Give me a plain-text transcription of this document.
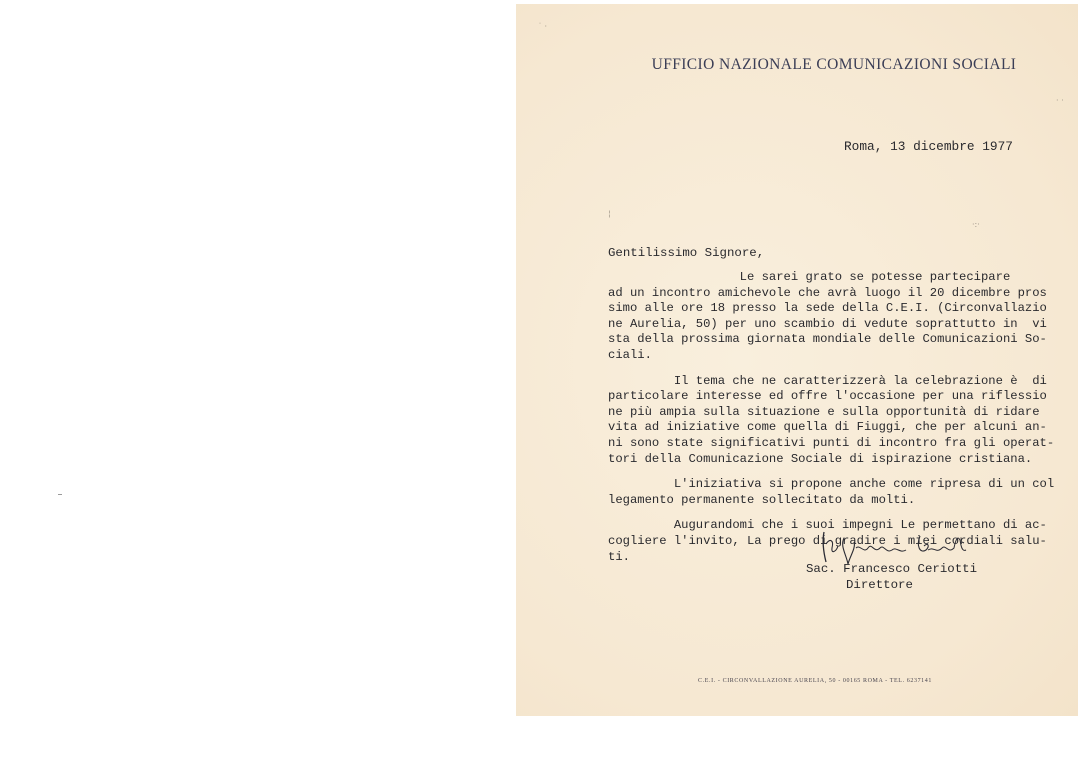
UFFICIO NAZIONALE COMUNICAZIONI SOCIALI
Roma, 13 dicembre 1977
Gentilissimo Signore,
Le sarei grato se potesse partecipare
ad un incontro amichevole che avrà luogo il 20 dicembre pros
simo alle ore 18 presso la sede della C.E.I. (Circonvallazio
ne Aurelia, 50) per uno scambio di vedute soprattutto in  vi
sta della prossima giornata mondiale delle Comunicazioni So-
ciali.
Il tema che ne caratterizzerà la celebrazione è  di
particolare interesse ed offre l'occasione per una riflessio
ne più ampia sulla situazione e sulla opportunità di ridare
vita ad iniziative come quella di Fiuggi, che per alcuni an-
ni sono state significativi punti di incontro fra gli operat-
tori della Comunicazione Sociale di ispirazione cristiana.
L'iniziativa si propone anche come ripresa di un col
legamento permanente sollecitato da molti.
Augurandomi che i suoi impegni Le permettano di ac-
cogliere l'invito, La prego di gradire i miei cordiali salu-
ti.
Sac. Francesco Ceriotti
Direttore
C.E.I. - CIRCONVALLAZIONE AURELIA, 50 - 00165 ROMA - TEL. 6237141
˙ ·
¦
·:·
· ·
